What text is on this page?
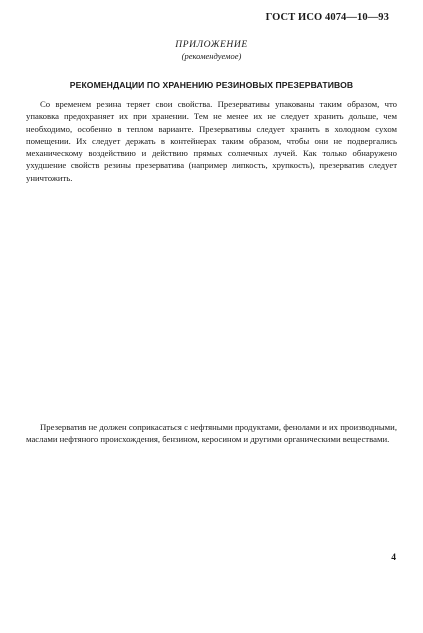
ГОСТ ИСО 4074—10—93
ПРИЛОЖЕНИЕ
(рекомендуемое)
РЕКОМЕНДАЦИИ ПО ХРАНЕНИЮ РЕЗИНОВЫХ ПРЕЗЕРВАТИВОВ

Со временем резина теряет свои свойства. Презервативы упакованы таким образом, что упаковка предохраняет их при хранении. Тем не менее их не следует хранить дольше, чем необходимо, особенно в теплом варианте. Презервативы следует хранить в холодном сухом помещении. Их следует держать в контейнерах таким образом, чтобы они не подвергались механическому воздействию и действию прямых солнечных лучей. Как только обнаружено ухудшение свойств резины презерватива (например липкость, хрупкость), презерватив следует уничтожить.

Презерватив не должен соприкасаться с нефтяными продуктами, фенолами и их производными, маслами нефтяного происхождения, бензином, керосином и другими органическими веществами.

4
